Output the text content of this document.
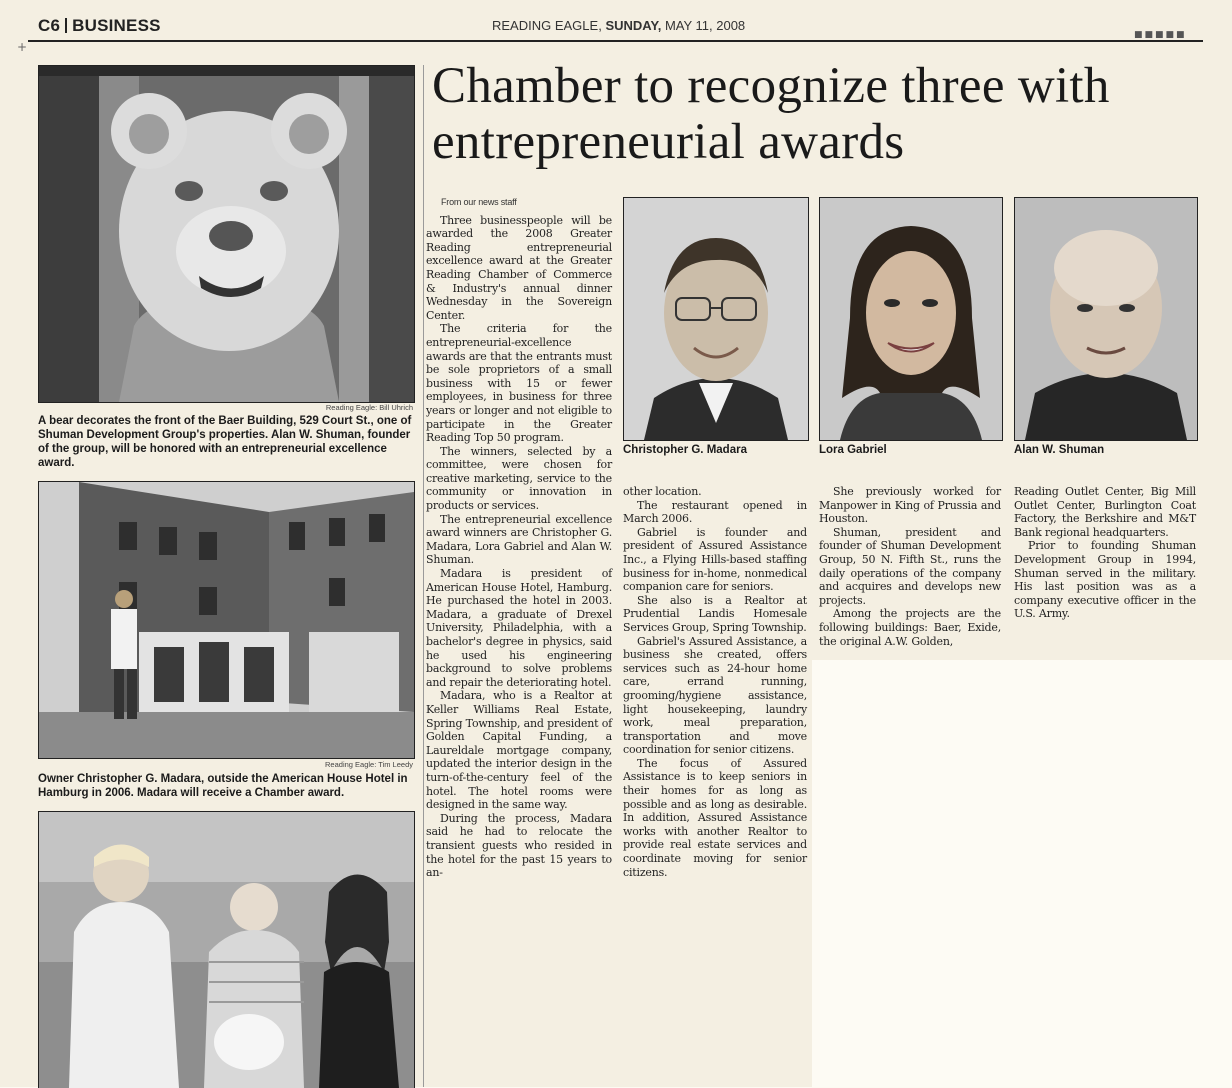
C6 BUSINESS	READING EAGLE, SUNDAY, MAY 11, 2008
■■■■■
+
Chamber to recognize three with entrepreneurial awards
Reading Eagle: Bill Uhrich
A bear decorates the front of the Baer Building, 529 Court St., one of Shuman Development Group's properties. Alan W. Shuman, founder of the group, will be honored with an entrepreneurial excellence award.
Reading Eagle: Tim Leedy
Owner Christopher G. Madara, outside the American House Hotel in Hamburg in 2006. Madara will receive a Chamber award.
From our news staff

Three businesspeople will be awarded the 2008 Greater Reading entrepreneurial excellence award at the Greater Reading Chamber of Commerce & Industry's annual dinner Wednesday in the Sovereign Center.

The criteria for the entrepreneurial-excellence awards are that the entrants must be sole proprietors of a small business with 15 or fewer employees, in business for three years or longer and not eligible to participate in the Greater Reading Top 50 program.

The winners, selected by a committee, were chosen for creative marketing, service to the community or innovation in products or services.

The entrepreneurial excellence award winners are Christopher G. Madara, Lora Gabriel and Alan W. Shuman.

Madara is president of American House Hotel, Hamburg. He purchased the hotel in 2003. Madara, a graduate of Drexel University, Philadelphia, with a bachelor's degree in physics, said he used his engineering background to solve problems and repair the deteriorating hotel.

Madara, who is a Realtor at Keller Williams Real Estate, Spring Township, and president of Golden Capital Funding, a Laureldale mortgage company, updated the interior design in the turn-of-the-century feel of the hotel. The hotel rooms were designed in the same way.

During the process, Madara said he had to relocate the transient guests who resided in the hotel for the past 15 years to an-

Christopher G. Madara	Lora Gabriel	Alan W. Shuman

other location.

The restaurant opened in March 2006.

Gabriel is founder and president of Assured Assistance Inc., a Flying Hills-based staffing business for in-home, nonmedical companion care for seniors.

She also is a Realtor at Prudential Landis Homesale Services Group, Spring Township.

Gabriel's Assured Assistance, a business she created, offers services such as 24-hour home care, errand running, grooming/hygiene assistance, light housekeeping, laundry work, meal preparation, transportation and move coordination for senior citizens.

The focus of Assured Assistance is to keep seniors in their homes for as long as possible and as long as desirable. In addition, Assured Assistance works with another Realtor to provide real estate services and coordinate moving for senior citizens.

She previously worked for Manpower in King of Prussia and Houston.

Shuman, president and founder of Shuman Development Group, 50 N. Fifth St., runs the daily operations of the company and acquires and develops new projects.

Among the projects are the following buildings: Baer, Exide, the original A.W. Golden,

Reading Outlet Center, Big Mill Outlet Center, Burlington Coat Factory, the Berkshire and M&T Bank regional headquarters.

Prior to founding Shuman Development Group in 1994, Shuman served in the military. His last position was as a company executive officer in the U.S. Army.
